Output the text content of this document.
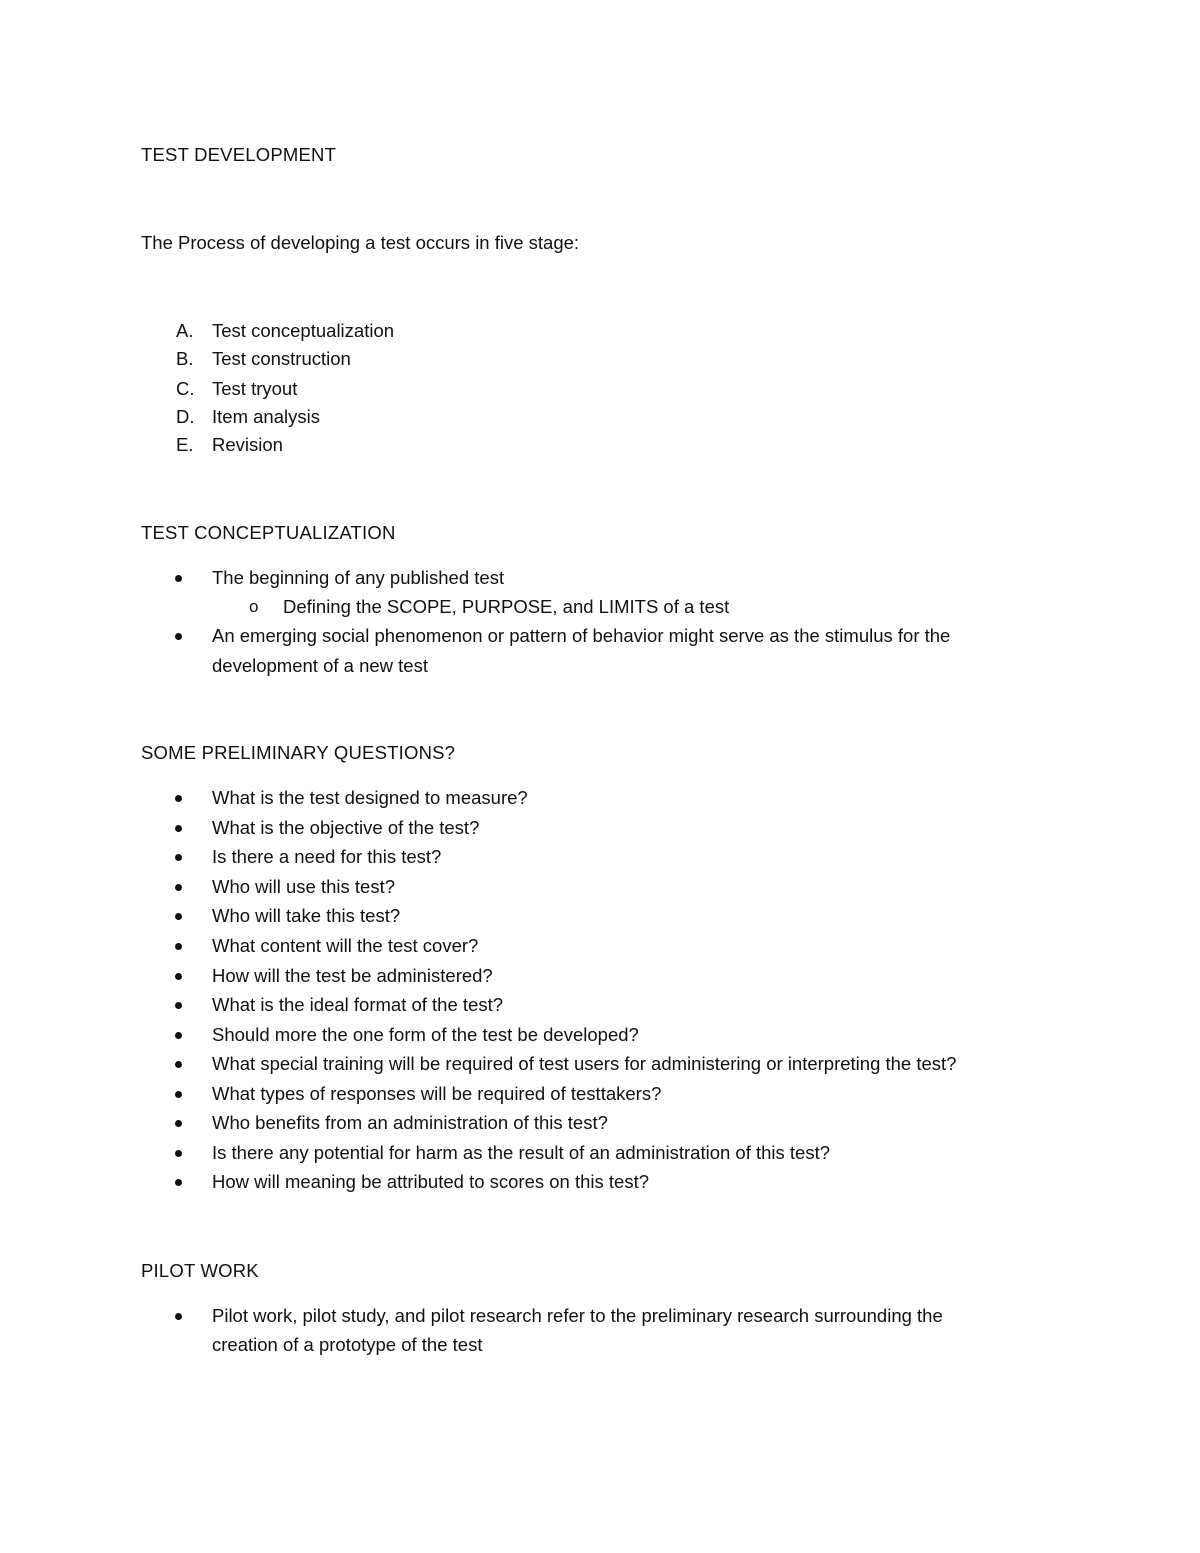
TEST DEVELOPMENT
The Process of developing a test occurs in five stage:
A. Test conceptualization
B. Test construction
C. Test tryout
D. Item analysis
E. Revision
TEST CONCEPTUALIZATION
The beginning of any published test
o Defining the SCOPE, PURPOSE, and LIMITS of a test
An emerging social phenomenon or pattern of behavior might serve as the stimulus for the
development of a new test
SOME PRELIMINARY QUESTIONS?
What is the test designed to measure?
What is the objective of the test?
Is there a need for this test?
Who will use this test?
Who will take this test?
What content will the test cover?
How will the test be administered?
What is the ideal format of the test?
Should more the one form of the test be developed?
What special training will be required of test users for administering or interpreting the test?
What types of responses will be required of testtakers?
Who benefits from an administration of this test?
Is there any potential for harm as the result of an administration of this test?
How will meaning be attributed to scores on this test?
PILOT WORK
Pilot work, pilot study, and pilot research refer to the preliminary research surrounding the
creation of a prototype of the test
